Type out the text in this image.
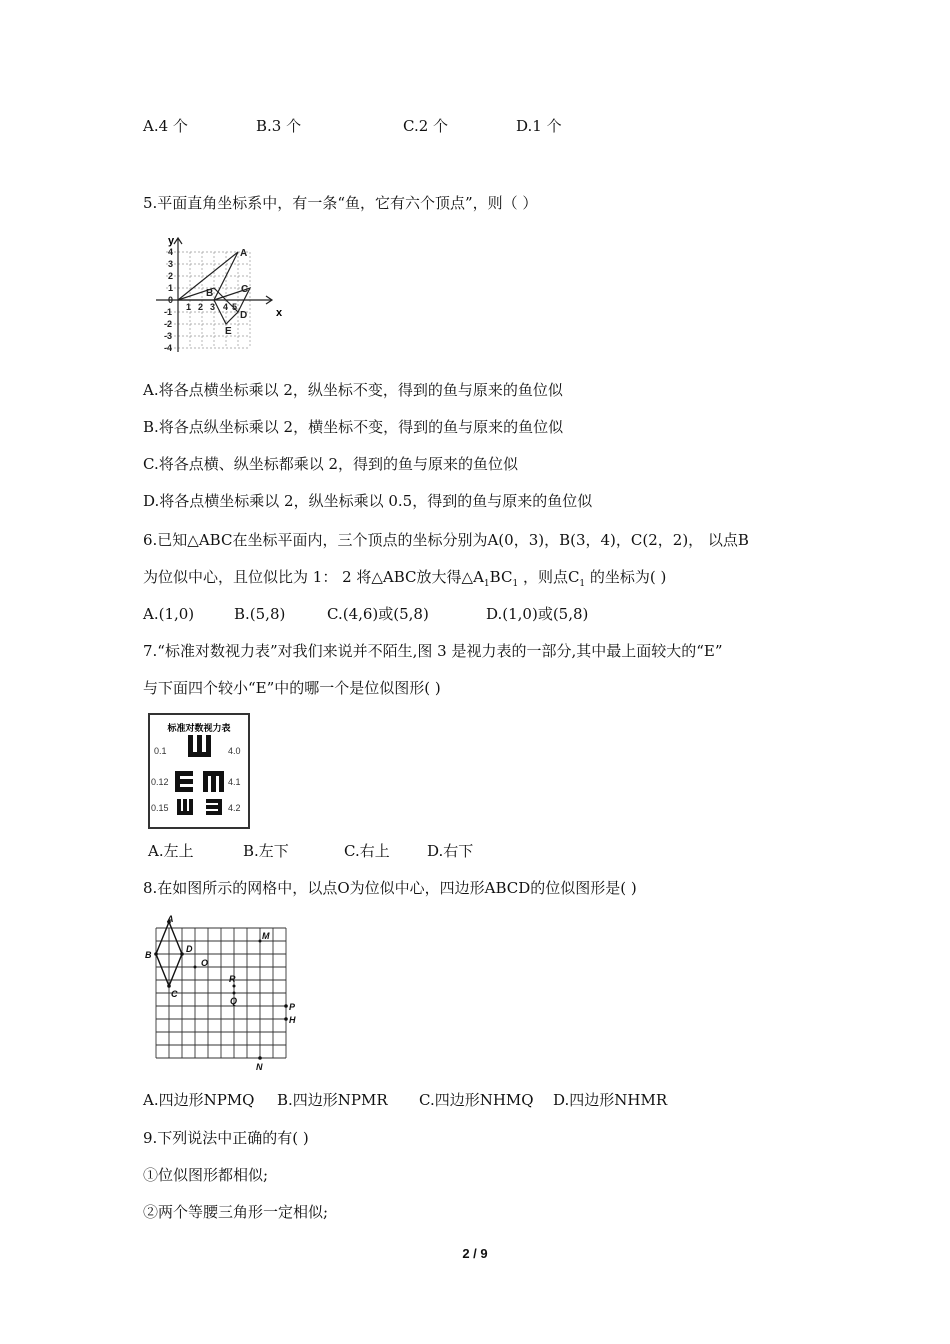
A.4 个	B.3 个	C.2 个	D.1 个
5.平面直角坐标系中，有一条“鱼，它有六个顶点”，则（ ）
y
x
1 2 3 4 5
4
3
2
1
0
-1
-2
-3
-4
A
B	C
D
E
A.将各点横坐标乘以 2，纵坐标不变，得到的鱼与原来的鱼位似
B.将各点纵坐标乘以 2，横坐标不变，得到的鱼与原来的鱼位似
C.将各点横、纵坐标都乘以 2，得到的鱼与原来的鱼位似
D.将各点横坐标乘以 2，纵坐标乘以 0.5，得到的鱼与原来的鱼位似
6.已知△ABC在坐标平面内，三个顶点的坐标分别为A(0，3)，B(3，4)，C(2，2)， 以点B
为位似中心，且位似比为 1： 2 将△ABC放大得$\triangle A_1BC_1$ ，则点$C_1$ 的坐标为( )
A.(1,0)	B.(5,8)	C.(4,6)或(5,8)	D.(1,0)或(5,8)
7.“标准对数视力表”对我们来说并不陌生,图 3 是视力表的一部分,其中最上面较大的“E”
与下面四个较小“E”中的哪一个是位似图形( )
标准对数视力表
0.1
0.12
0.15
4.0
4.1
4.2
A.左上	B.左下	C.右上 D.右下
8.在如图所示的网格中，以点O为位似中心，四边形ABCD的位似图形是( )
A
B
C
D
O
M
R
Q
P
H
N
A.四边形NPMQ B.四边形NPMR C.四边形NHMQ D.四边形NHMR
9.下列说法中正确的有( )
①位似图形都相似;
②两个等腰三角形一定相似;
2 / 9
